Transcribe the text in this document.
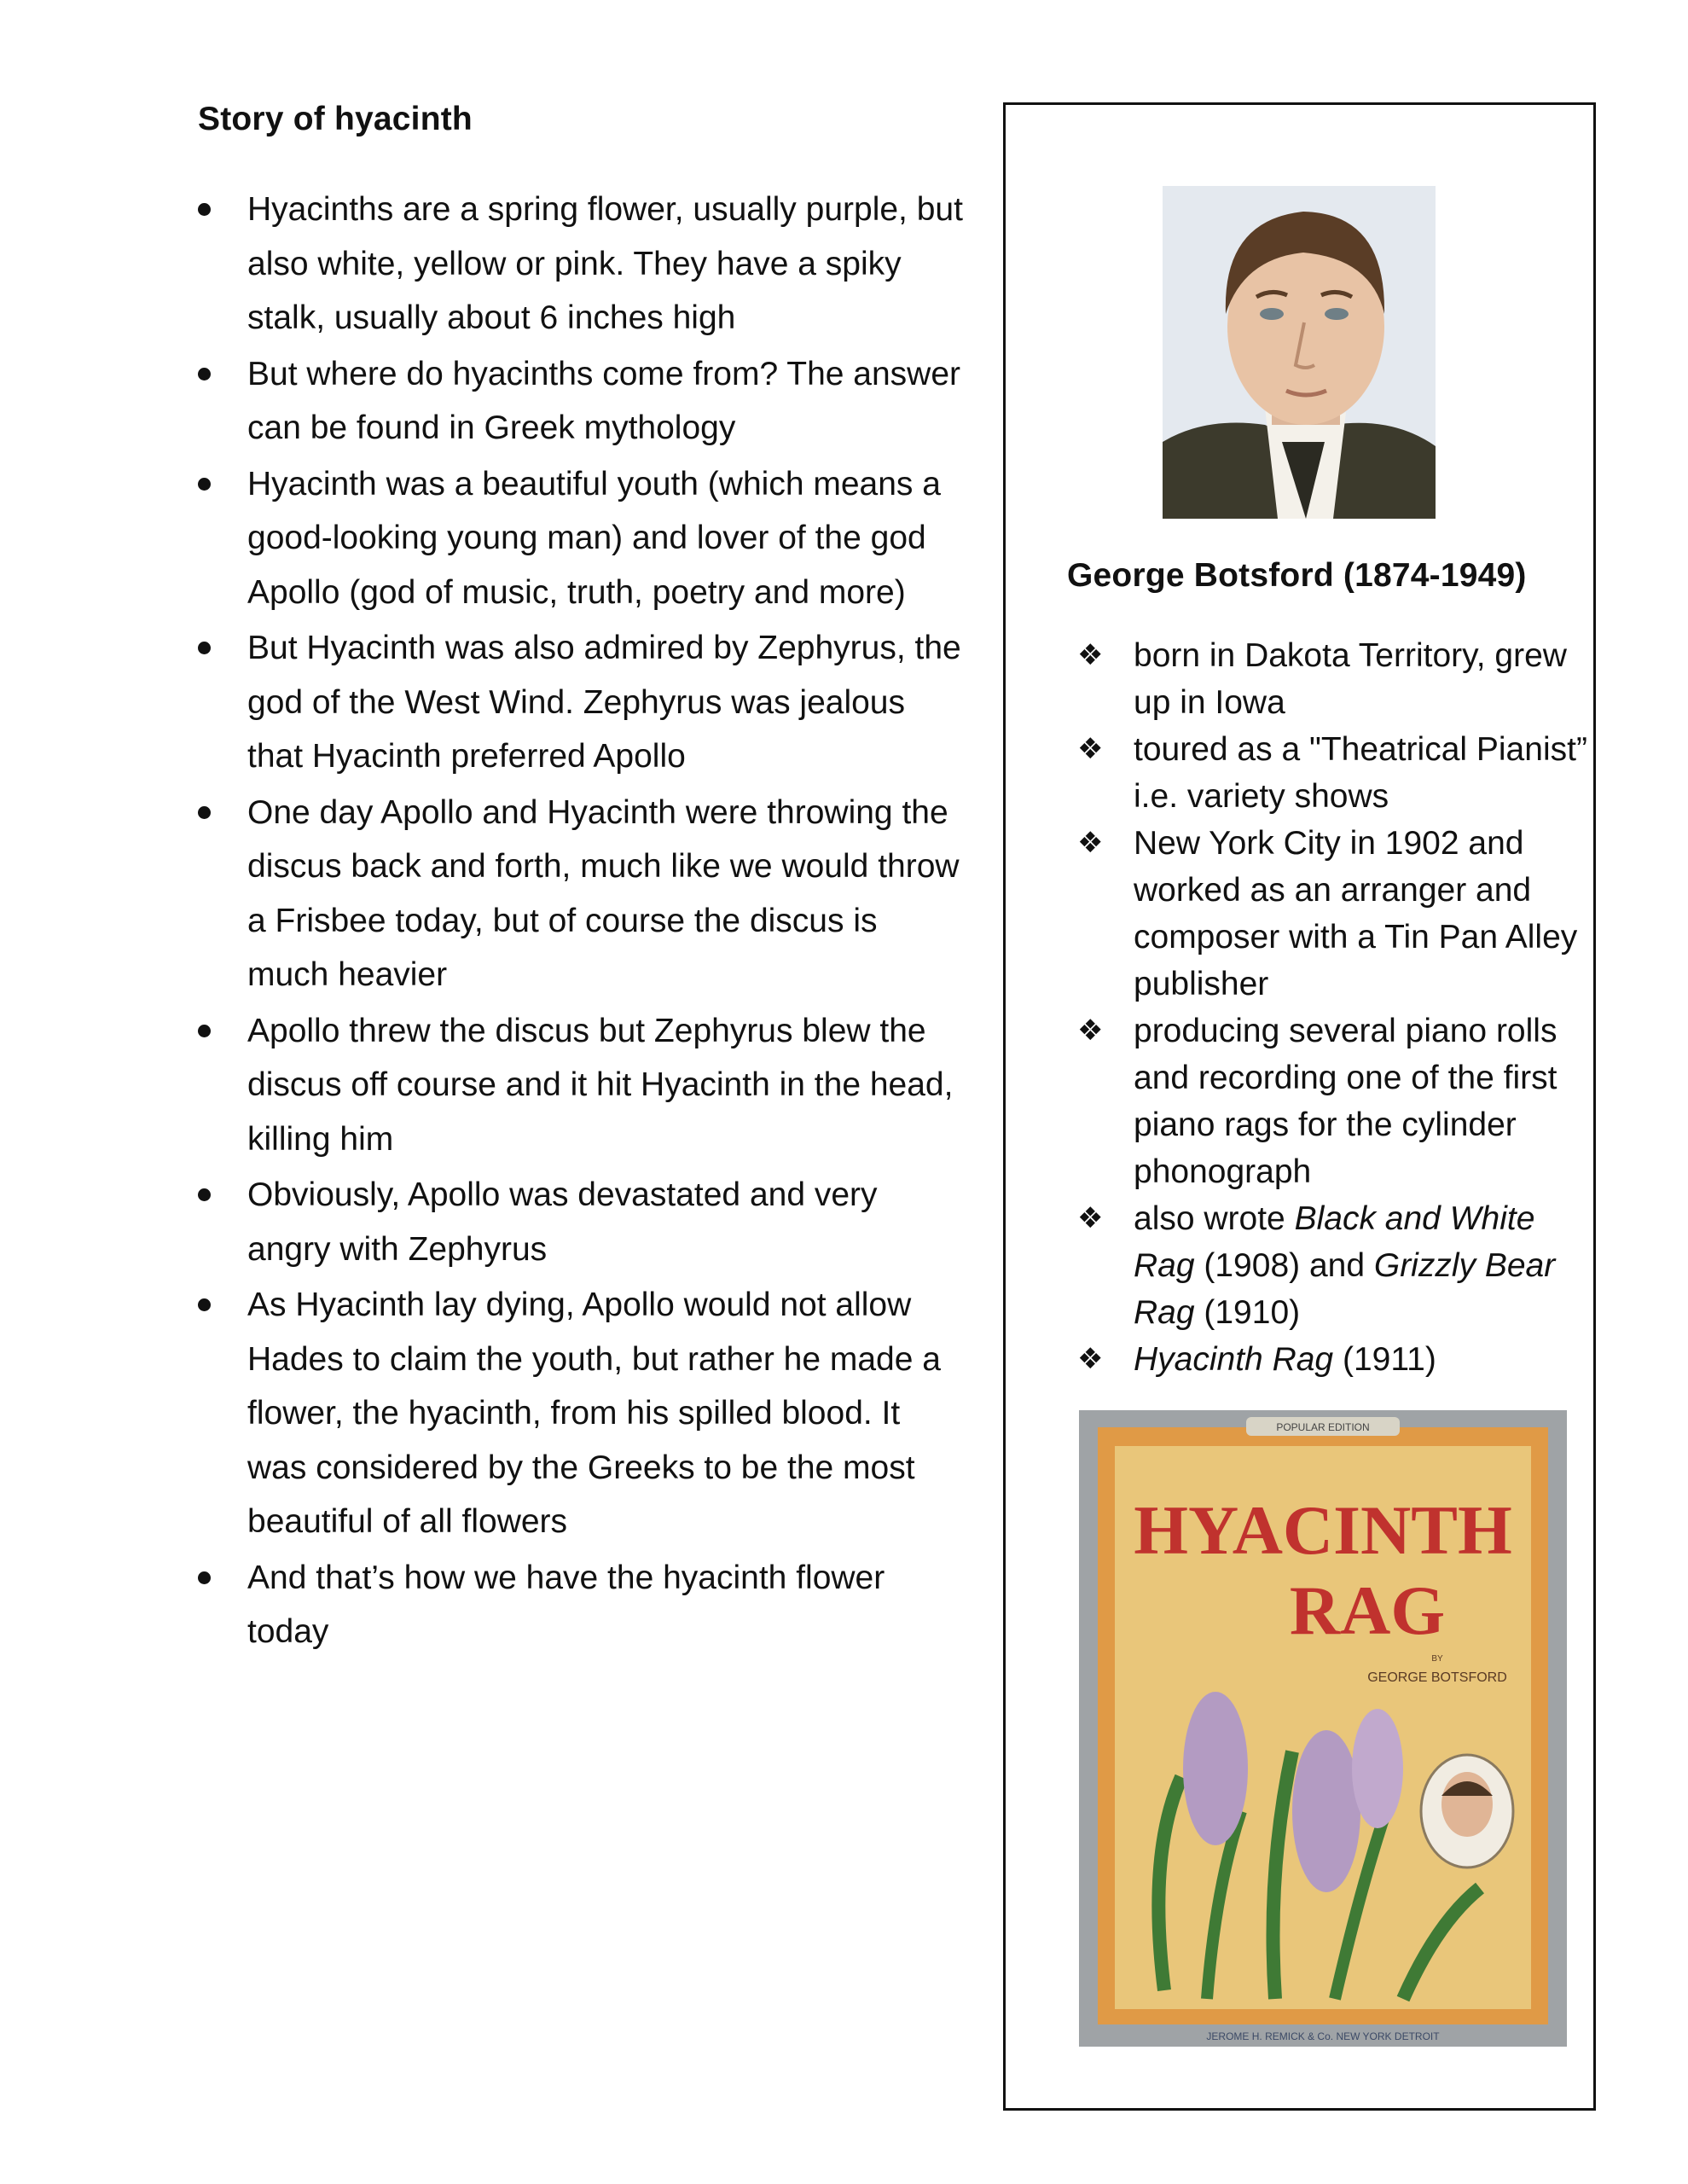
Story of hyacinth
Hyacinths are a spring flower, usually purple, but also white, yellow or pink. They have a spiky stalk, usually about 6 inches high
But where do hyacinths come from? The answer can be found in Greek mythology
Hyacinth was a beautiful youth (which means a good-looking young man) and lover of the god Apollo (god of music, truth, poetry and more)
But Hyacinth was also admired by Zephyrus, the god of the West Wind. Zephyrus was jealous that Hyacinth preferred Apollo
One day Apollo and Hyacinth were throwing the discus back and forth, much like we would throw a Frisbee today, but of course the discus is much heavier
Apollo threw the discus but Zephyrus blew the discus off course and it hit Hyacinth in the head, killing him
Obviously, Apollo was devastated and very angry with Zephyrus
As Hyacinth lay dying, Apollo would not allow Hades to claim the youth, but rather he made a flower, the hyacinth, from his spilled blood. It was considered by the Greeks to be the most beautiful of all flowers
And that’s how we have the hyacinth flower today
George Botsford (1874-1949)
❖ born in Dakota Territory, grew up in Iowa
❖ toured as a "Theatrical Pianist” i.e. variety shows
❖ New York City in 1902 and worked as an arranger and composer with a Tin Pan Alley publisher
❖ producing several piano rolls and recording one of the first piano rags for the cylinder phonograph
❖ also wrote Black and White Rag (1908) and Grizzly Bear Rag (1910)
❖ Hyacinth Rag (1911)
POPULAR EDITION
HYACINTH
RAG
BY
GEORGE BOTSFORD
JEROME H. REMICK & Co. NEW YORK DETROIT
